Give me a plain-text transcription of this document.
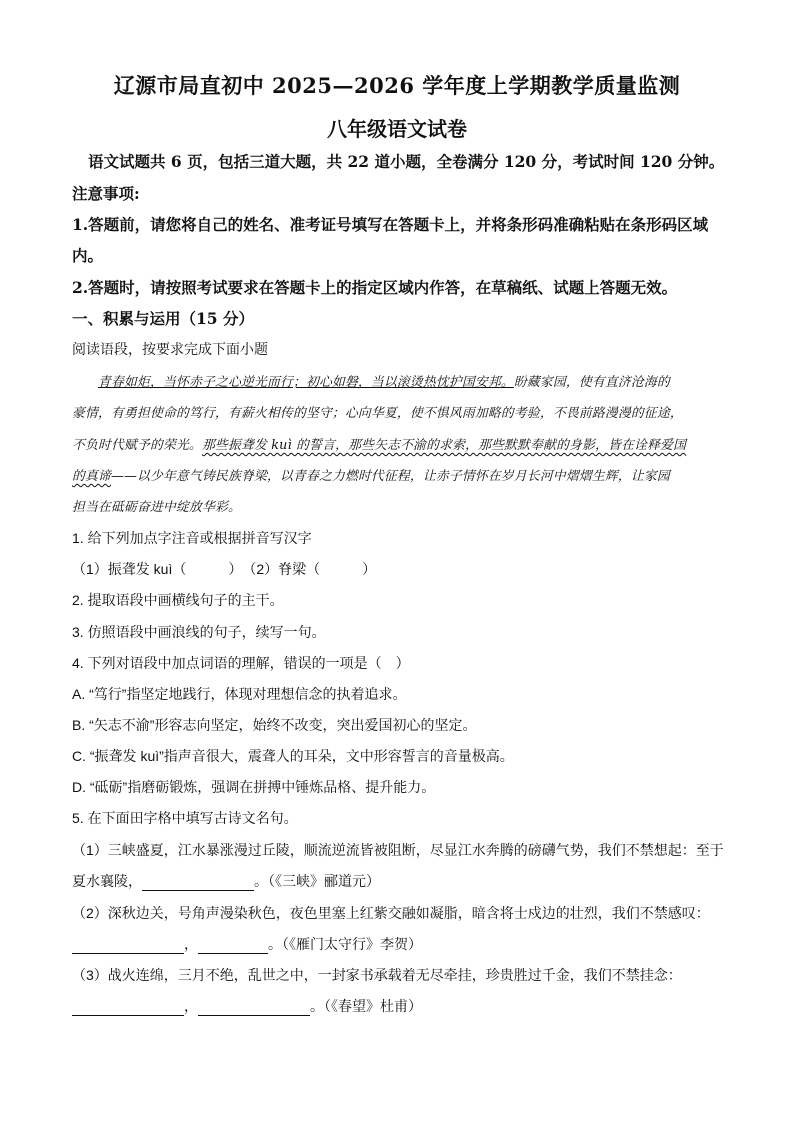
辽源市局直初中 2025—2026 学年度上学期教学质量监测
八年级语文试卷
语文试题共 6 页，包括三道大题，共 22 道小题，全卷满分 120 分，考试时间 120 分钟。
注意事项:
1.答题前，请您将自己的姓名、准考证号填写在答题卡上，并将条形码准确粘贴在条形码区域
内。
2.答题时，请按照考试要求在答题卡上的指定区域内作答，在草稿纸、试题上答题无效。
一、积累与运用（15 分）
阅读语段，按要求完成下面小题
青春如炬，当怀赤子之心逆光而行；初心如磐，当以滚烫热忱护国安邦。盼藏家园，使有直济沧海的
豪情，有勇担使命的笃行，有薪火相传的坚守；心向华夏，使不惧风雨加略的考验，不畏前路漫漫的征途，
不负时代赋予的荣光。那些振聋发 kuì 的誓言，那些矢志不渝的求索，那些默默奉献的身影，皆在诠释爱国
的真谛——以少年意气铸民族脊梁，以青春之力燃时代征程，让赤子情怀在岁月长河中熠熠生辉，让家园
担当在砥砺奋进中绽放华彩。
1. 给下列加点字注音或根据拼音写汉字
（1）振聋发 kuì（　　　）　（2）脊梁（　　　）
2. 提取语段中画横线句子的主干。
3. 仿照语段中画浪线的句子，续写一句。
4. 下列对语段中加点词语的理解，错误的一项是（　）
A. “笃行”指坚定地践行，体现对理想信念的执着追求。
B. “矢志不渝”形容志向坚定，始终不改变，突出爱国初心的坚定。
C. “振聋发 kuì”指声音很大，震聋人的耳朵，文中形容誓言的音量极高。
D. “砥砺”指磨砺锻炼，强调在拼搏中锤炼品格、提升能力。
5. 在下面田字格中填写古诗文名句。
（1）三峡盛夏，江水暴涨漫过丘陵，顺流逆流皆被阻断，尽显江水奔腾的磅礴气势，我们不禁想起：至于
夏水襄陵，	。（《三峡》郦道元）
（2）深秋边关，号角声漫染秋色，夜色里塞上红紫交融如凝脂，暗含将士戍边的壮烈，我们不禁感叹：
，	。（《雁门太守行》李贺）
（3）战火连绵，三月不绝，乱世之中，一封家书承载着无尽牵挂，珍贵胜过千金，我们不禁挂念：
，	。（《春望》杜甫）
